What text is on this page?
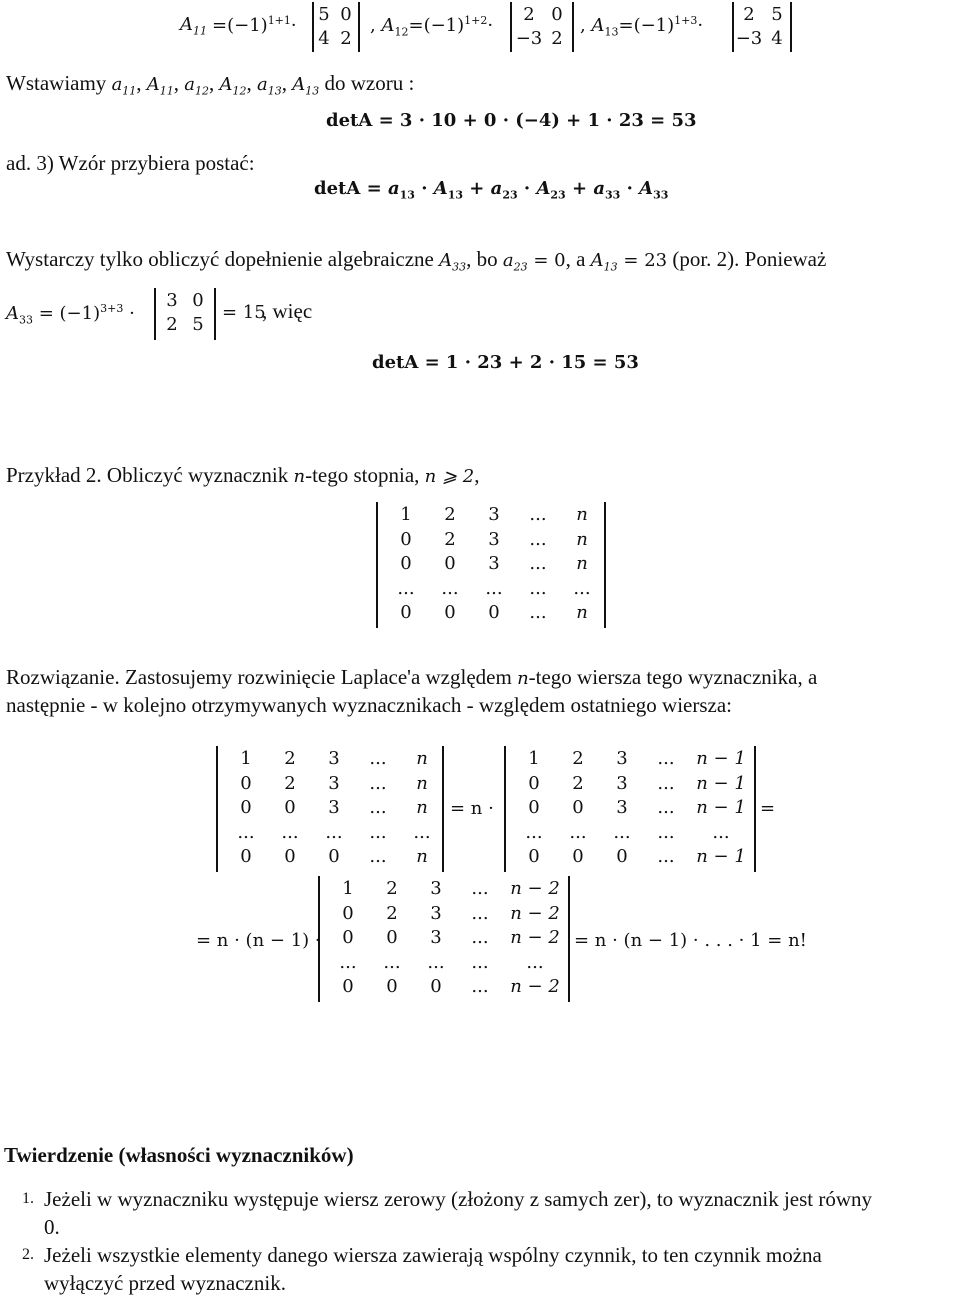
$A_{11} =(-1)^{1+1}\cdot$
5 0
4 2
, $A_{12}=(-1)^{1+2}\cdot$
2 0
−3 2
, $A_{13}=(-1)^{1+3}\cdot$
2 5
−3 4
Wstawiamy $a_{11}$, $A_{11}$, $a_{12}$, $A_{12}$, $a_{13}$, $A_{13}$ do wzoru :
detA = 3 · 10 + 0 · (−4) + 1 · 23 = 53
ad. 3) Wzór przybiera postać:
$\det A = a_{13} \cdot A_{13} + a_{23} \cdot A_{23} + a_{33} \cdot A_{33}$
Wystarczy tylko obliczyć dopełnienie algebraiczne $A_{33}$, bo $a_{23} = 0$, a $A_{13} = 23$ (por. 2). Ponieważ
$A_{33} = (-1)^{3+3}$ ·
3 0
2 5
= 15
, więc
detA = 1 · 23 + 2 · 15 = 53
Przykład 2. Obliczyć wyznacznik n-tego stopnia, n ⩾ 2,
1	2	3	...	n
0	2	3	...	n
0	0	3	...	n
...	...	...	...	...
0	0	0	...	n
Rozwiązanie. Zastosujemy rozwinięcie Laplace'a względem n-tego wiersza tego wyznacznika, a
następnie - w kolejno otrzymywanych wyznacznikach - względem ostatniego wiersza:
1	2	3	...	n
0	2	3	...	n
0	0	3	...	n
...	...	...	...	...
0	0	0	...	n
= n ·
1	2	3	...	n − 1
0	2	3	...	n − 1
0	0	3	...	n − 1
...	...	...	...	...
0	0	0	...	n − 1
=
= n · (n − 1) ·
1	2	3	...	n − 2
0	2	3	...	n − 2
0	0	3	...	n − 2
...	...	...	...	...
0	0	0	...	n − 2
= n · (n − 1) · . . . · 1 = n!
Twierdzenie (własności wyznaczników)
1. Jeżeli w wyznaczniku występuje wiersz zerowy (złożony z samych zer), to wyznacznik jest równy
0.
2. Jeżeli wszystkie elementy danego wiersza zawierają wspólny czynnik, to ten czynnik można
wyłączyć przed wyznacznik.
